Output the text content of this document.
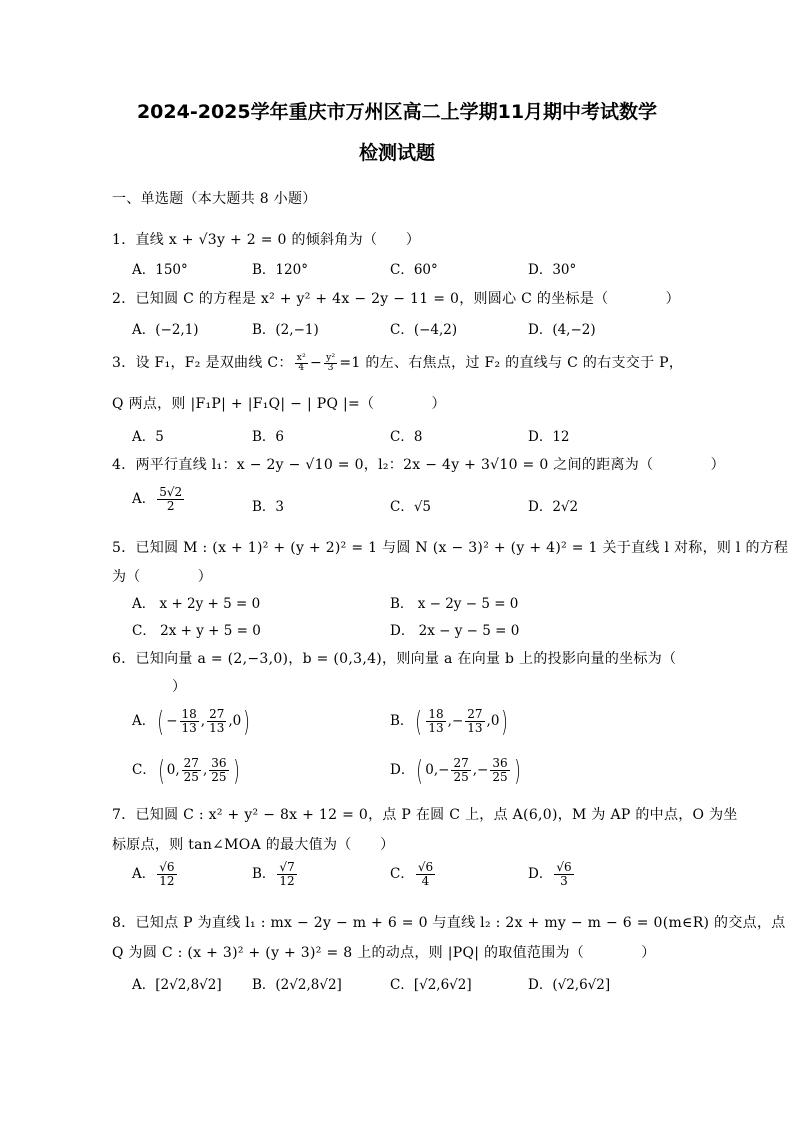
2024-2025学年重庆市万州区高二上学期11月期中考试数学
检测试题
一、单选题（本大题共 8 小题）
1．直线 x + √3y + 2 = 0 的倾斜角为（　　）
A．150°	B．120°	C．60°	D．30°
2．已知圆 C 的方程是 x² + y² + 4x − 2y − 11 = 0，则圆心 C 的坐标是（　　　　）
A．(−2,1)	B．(2,−1)	C．(−4,2)	D．(4,−2)
3．设 F₁，F₂ 是双曲线 C： $\frac{\text{x²}}{4} - \frac{\text{y²}}{3} =1$ 的左、右焦点，过 F₂ 的直线与 C 的右支交于 P，
Q 两点，则 |F₁P| + |F₁Q| − | PQ |=（　　　　）
A．5	B．6	C．8	D．12
4．两平行直线 l₁：x − 2y − √10 = 0，l₂：2x − 4y + 3√10 = 0 之间的距离为（　　　　）
A． $\frac{5√2}{2}$	B．3	C．√5	D．2√2
5．已知圆 M : (x + 1)² + (y + 2)² = 1 与圆 N (x − 3)² + (y + 4)² = 1 关于直线 l 对称，则 l 的方程
为（　　　　）
A． x + 2y + 5 = 0	B． x − 2y − 5 = 0
C． 2x + y + 5 = 0	D． 2x − y − 5 = 0
6．已知向量 a = (2,−3,0)，b = (0,3,4)，则向量 a 在向量 b 上的投影向量的坐标为（
）
A．( − $\frac{18}{13}$ , $\frac{27}{13} ,0$)	B．( $\frac{18}{13}$ ,− $\frac{27}{13} ,0$)
C．( 0, $\frac{27}{25}$ , $\frac{36}{25}$ )	D．( $0,- \frac{27}{25}$ ,− $\frac{36}{25}$ )
7．已知圆 C : x² + y² − 8x + 12 = 0，点 P 在圆 C 上，点 A(6,0)，M 为 AP 的中点，O 为坐
标原点，则 tan∠MOA 的最大值为（　　）
A． $\frac{√6}{12}$	B． $\frac{√7}{12}$	C． $\frac{√6}{4}$	D． $\frac{√6}{3}$
8．已知点 P 为直线 l₁ : mx − 2y − m + 6 = 0 与直线 l₂ : 2x + my − m − 6 = 0(m∈R) 的交点，点
Q 为圆 C : (x + 3)² + (y + 3)² = 8 上的动点，则 |PQ| 的取值范围为（　　　　）
A．[2√2,8√2] B．(2√2,8√2]	C．[√2,6√2]	D．(√2,6√2]
